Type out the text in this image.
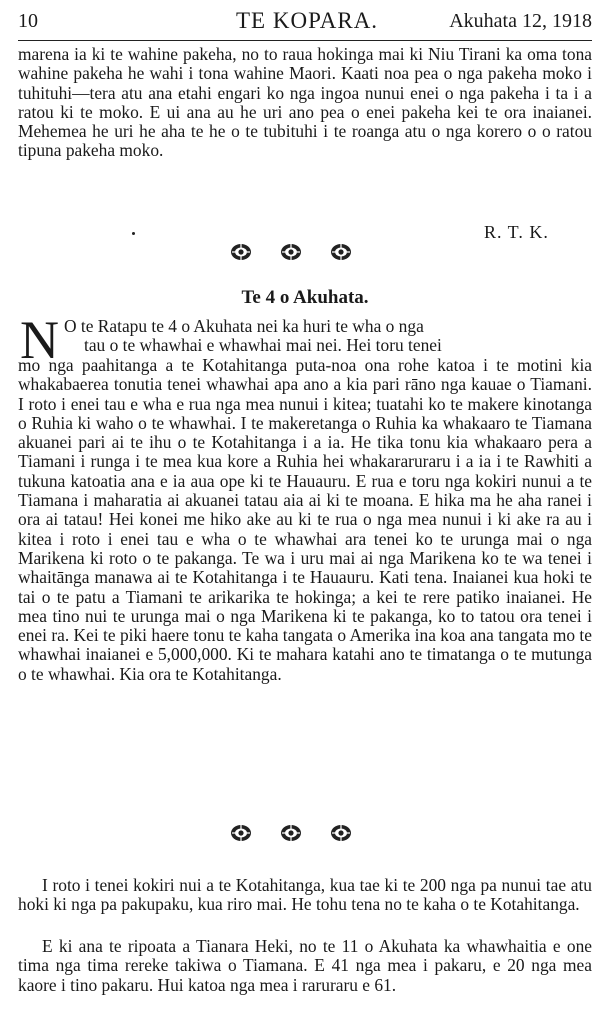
10	TE KOPARA.	Akuhata 12, 1918

marena ia ki te wahine pakeha, no to raua hokinga mai ki Niu Tirani ka oma tona wahine pakeha he wahi i tona wahine Maori. Kaati noa pea o nga pakeha moko i tuhituhi—tera atu ana etahi engari ko nga ingoa nunui enei o nga pakeha i ta i a ratou ki te moko. E ui ana au he uri ano pea o enei pakeha kei te ora inaianei. Mehemea he uri he aha te he o te tubituhi i te roanga atu o nga korero o o ratou tipuna pakeha moko.

R. T. K.
Te 4 o Akuhata.
N O te Ratapu te 4 o Akuhata nei ka huri te wha o nga

tau o te whawhai e whawhai mai nei. Hei toru tenei

mo nga paahitanga a te Kotahitanga puta-noa ona rohe katoa i te motini kia whakabaerea tonutia tenei whawhai apa ano a kia pari rāno nga kauae o Tiamani. I roto i enei tau e wha e rua nga mea nunui i kitea; tuatahi ko te makere kinotanga o Ruhia ki waho o te whawhai. I te makeretanga o Ruhia ka whakaaro te Tiamana akuanei pari ai te ihu o te Kotahitanga i a ia. He tika tonu kia whakaaro pera a Tiamani i runga i te mea kua kore a Ruhia hei whakararuraru i a ia i te Rawhiti a tukuna katoatia ana e ia aua ope ki te Hauauru. E rua e toru nga kokiri nunui a te Tiamana i maharatia ai akuanei tatau aia ai ki te moana. E hika ma he aha ranei i ora ai tatau! Hei konei me hiko ake au ki te rua o nga mea nunui i ki ake ra au i kitea i roto i enei tau e wha o te whawhai ara tenei ko te urunga mai o nga Marikena ki roto o te pakanga. Te wa i uru mai ai nga Marikena ko te wa tenei i whaitānga manawa ai te Kotahitanga i te Hauauru. Kati tena. Inaianei kua hoki te tai o te patu a Tiamani te arikarika te hokinga; a kei te rere patiko inaianei. He mea tino nui te urunga mai o nga Marikena ki te pakanga, ko to tatou ora tenei i enei ra. Kei te piki haere tonu te kaha tangata o Amerika ina koa ana tangata mo te whawhai inaianei e 5,000,000. Ki te mahara katahi ano te timatanga o te mutunga o te whawhai. Kia ora te Kotahitanga.

I roto i tenei kokiri nui a te Kotahitanga, kua tae ki te 200 nga pa nunui tae atu hoki ki nga pa pakupaku, kua riro mai. He tohu tena no te kaha o te Kotahitanga.

E ki ana te ripoata a Tianara Heki, no te 11 o Akuhata ka whawhaitia e one tima nga tima rereke takiwa o Tiamana. E 41 nga mea i pakaru, e 20 nga mea kaore i tino pakaru. Hui katoa nga mea i raruraru e 61.
